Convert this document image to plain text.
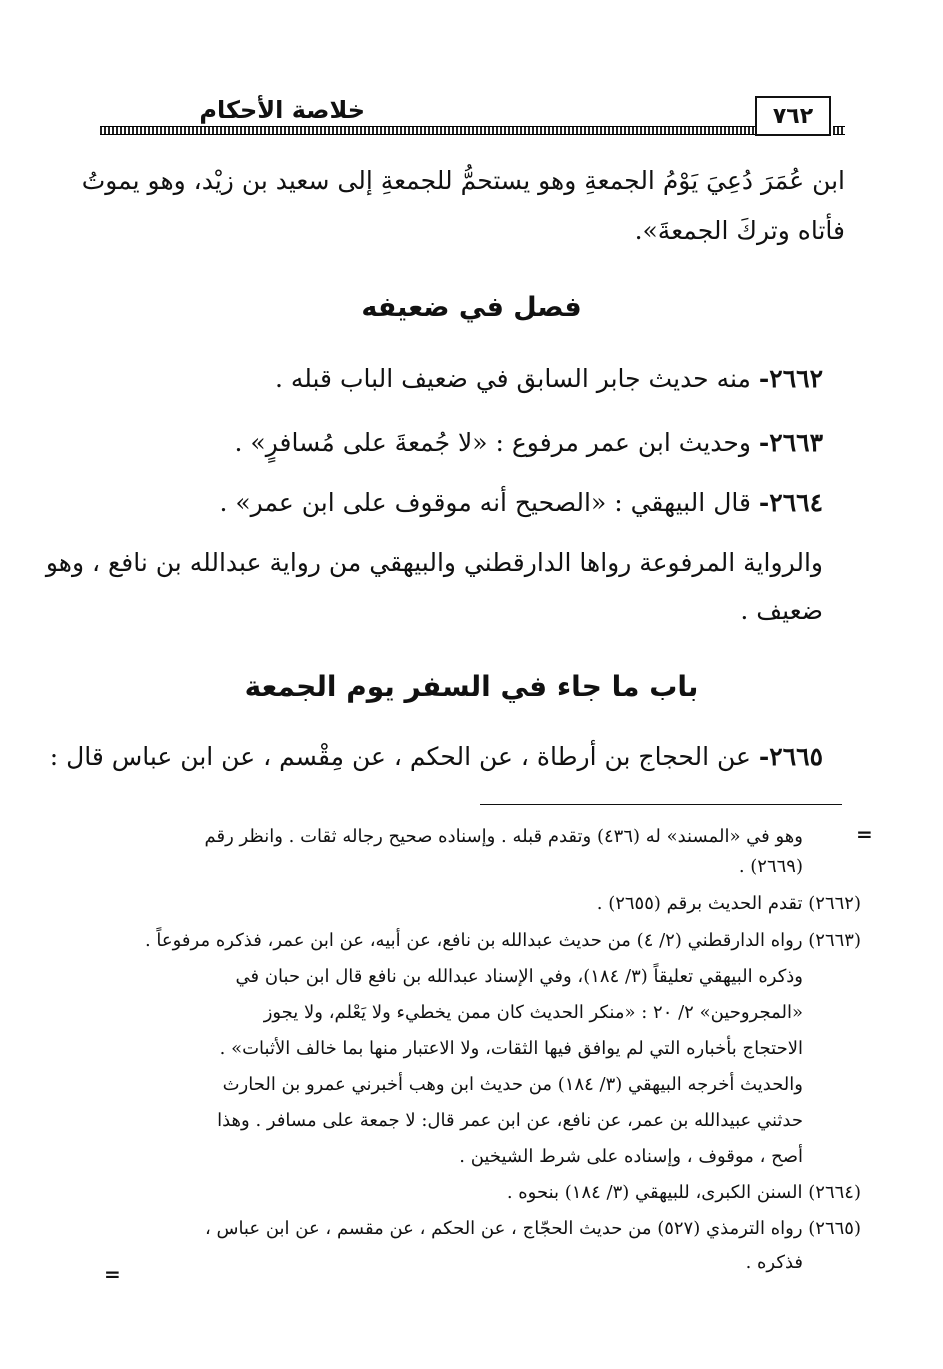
خلاصة الأحكام	٧٦٢
ابن عُمَرَ دُعِيَ يَوْمُ الجمعةِ وهو يستحمُّ للجمعةِ إلى سعيد بن زيْد، وهو يموتُ
فأتاه وتركَ الجمعةَ».
فصل في ضعيفه
٢٦٦٢- منه حديث جابر السابق في ضعيف الباب قبله .
٢٦٦٣- وحديث ابن عمر مرفوع : «لا جُمعةَ على مُسافرٍ» .
٢٦٦٤- قال البيهقي : «الصحيح أنه موقوف على ابن عمر» .
والرواية المرفوعة رواها الدارقطني والبيهقي من رواية عبدالله بن نافع ، وهو
ضعيف .
باب ما جاء في السفر يوم الجمعة
٢٦٦٥- عن الحجاج بن أرطاة ، عن الحكم ، عن مِقْسم ، عن ابن عباس قال :
=
وهو في «المسند» له (٤٣٦) وتقدم قبله . وإسناده صحيح رجاله ثقات . وانظر رقم
(٢٦٦٩) .
(٢٦٦٢) تقدم الحديث برقم (٢٦٥٥) .
(٢٦٦٣) رواه الدارقطني (٢/ ٤) من حديث عبدالله بن نافع، عن أبيه، عن ابن عمر، فذكره مرفوعاً .
وذكره البيهقي تعليقاً (٣/ ١٨٤)، وفي الإسناد عبدالله بن نافع قال ابن حبان في
«المجروحين» ٢/ ٢٠ : «منكر الحديث كان ممن يخطيء ولا يَعْلم، ولا يجوز
الاحتجاج بأخباره التي لم يوافق فيها الثقات، ولا الاعتبار منها بما خالف الأثبات» .
والحديث أخرجه البيهقي (٣/ ١٨٤) من حديث ابن وهب أخبرني عمرو بن الحارث
حدثني عبيدالله بن عمر، عن نافع، عن ابن عمر قال: لا جمعة على مسافر . وهذا
أصح ، موقوف ، وإسناده على شرط الشيخين .
(٢٦٦٤) السنن الكبرى، للبيهقي (٣/ ١٨٤) بنحوه .
(٢٦٦٥) رواه الترمذي (٥٢٧) من حديث الحجّاج ، عن الحكم ، عن مقسم ، عن ابن عباس ،
فذكره .
=
